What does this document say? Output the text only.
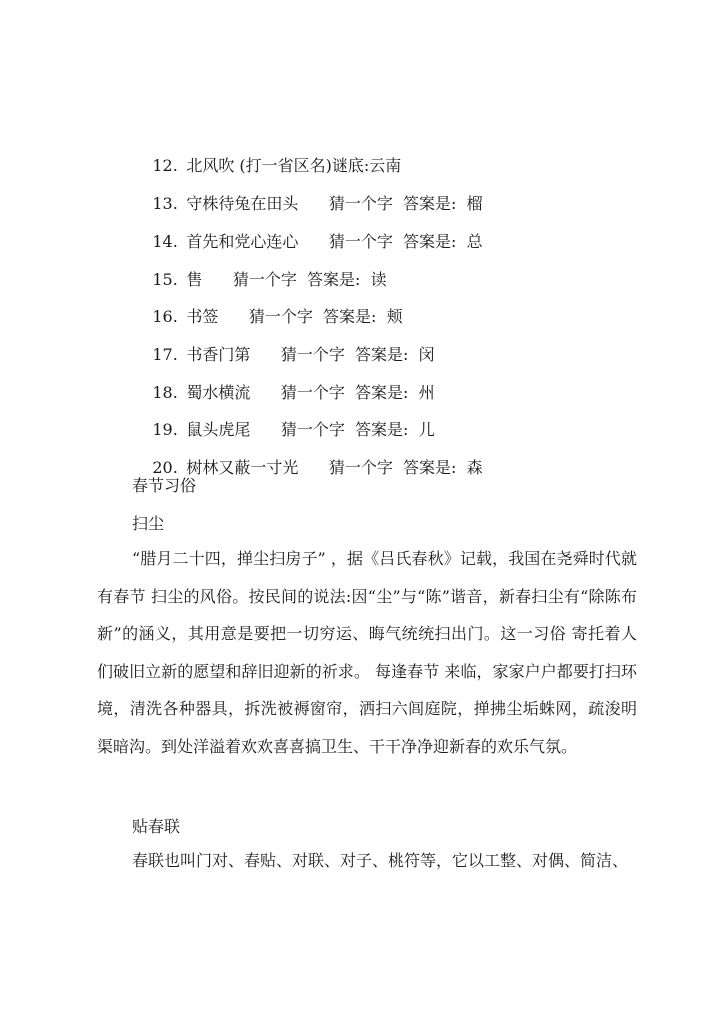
12. 北风吹 (打一省区名)谜底:云南

13. 守株待兔在田头      猜一个字  答案是:  榴

14. 首先和党心连心      猜一个字  答案是:  总

15. 售      猜一个字  答案是:  读

16. 书签      猜一个字  答案是:  颊

17. 书香门第      猜一个字  答案是:  闵

18. 蜀水横流      猜一个字  答案是:  州

19. 鼠头虎尾      猜一个字  答案是:  儿

20. 树林又蔽一寸光      猜一个字  答案是:  森

春节习俗
扫尘
“腊月二十四，掸尘扫房子” ，据《吕氏春秋》记载，我国在尧舜时代就有春节 扫尘的风俗。按民间的说法:因“尘”与“陈”谐音，新春扫尘有“除陈布新”的涵义，其用意是要把一切穷运、晦气统统扫出门。这一习俗 寄托着人们破旧立新的愿望和辞旧迎新的祈求。 每逢春节 来临，家家户户都要打扫环境，清洗各种器具，拆洗被褥窗帘，洒扫六闾庭院，掸拂尘垢蛛网，疏浚明渠暗沟。到处洋溢着欢欢喜喜搞卫生、干干净净迎新春的欢乐气氛。
贴春联
春联也叫门对、春贴、对联、对子、桃符等，它以工整、对偶、简洁、
